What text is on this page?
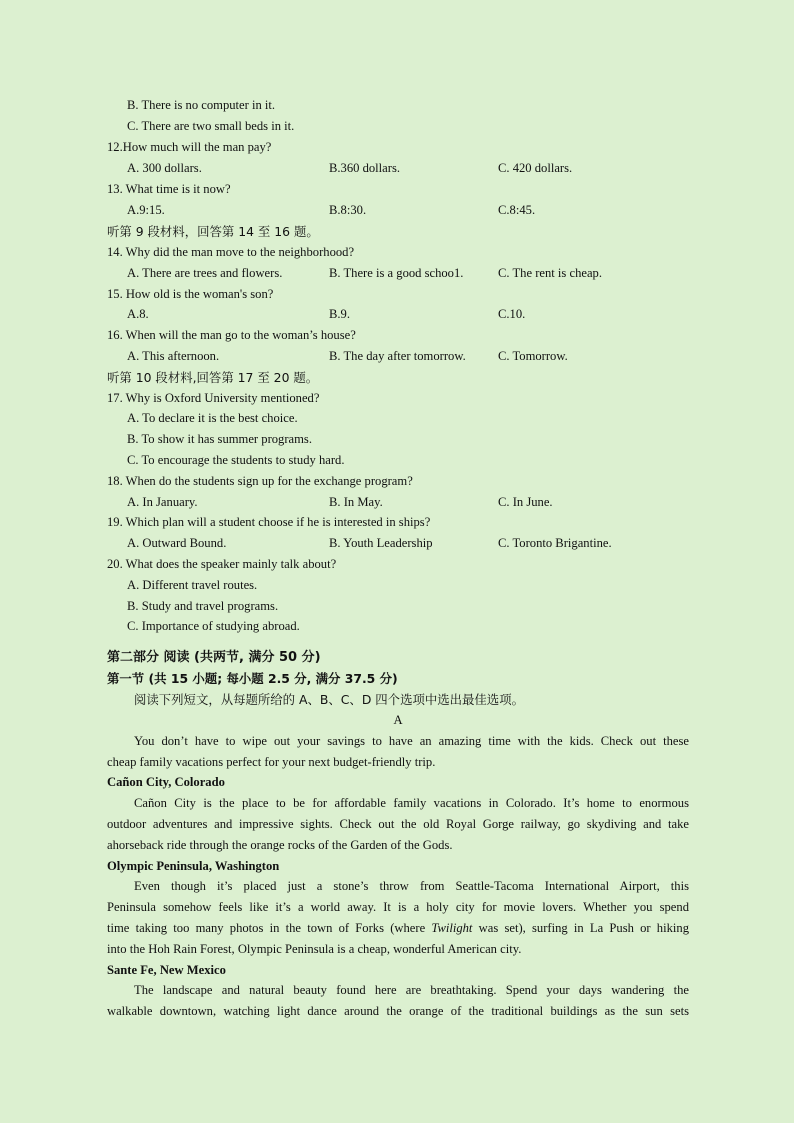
B. There is no computer in it.
C. There are two small beds in it.
12.How much will the man pay?
A. 300 dollars.	B.360 dollars.	C. 420 dollars.
13. What time is it now?
A.9:15.	B.8:30.	C.8:45.
听第 9 段材料，回答第 14 至 16 题。
14. Why did the man move to the neighborhood?
A. There are trees and flowers.	B. There is a good schoo1.	C. The rent is cheap.
15. How old is the woman's son?
A.8.	B.9.	C.10.
16. When will the man go to the woman’s house?
A. This afternoon.	B. The day after tomorrow.	C. Tomorrow.
听第 10 段材料,回答第 17 至 20 题。
17. Why is Oxford University mentioned?
A. To declare it is the best choice.
B. To show it has summer programs.
C. To encourage the students to study hard.
18. When do the students sign up for the exchange program?
A. In January.	B. In May.	C. In June.
19. Which plan will a student choose if he is interested in ships?
A. Outward Bound.	B. Youth Leadership	C. Toronto Brigantine.
20. What does the speaker mainly talk about?
A. Different travel routes.
B. Study and travel programs.
C. Importance of studying abroad.
第二部分 阅读 (共两节, 满分 50 分)
第一节 (共 15 小题; 每小题 2.5 分, 满分 37.5 分)
阅读下列短文，从每题所给的 A、B、C、D 四个选项中选出最佳选项。
A
You don’t have to wipe out your savings to have an amazing time with the kids. Check out these
cheap family vacations perfect for your next budget-friendly trip.
Cañon City, Colorado
Cañon City is the place to be for affordable family vacations in Colorado. It’s home to enormous
outdoor adventures and impressive sights. Check out the old Royal Gorge railway, go skydiving and take
ahorseback ride through the orange rocks of the Garden of the Gods.
Olympic Peninsula, Washington
Even though it’s placed just a stone’s throw from Seattle-Tacoma International Airport, this
Peninsula somehow feels like it’s a world away. It is a holy city for movie lovers. Whether you spend
time taking too many photos in the town of Forks (where Twilight was set), surfing in La Push or hiking
into the Hoh Rain Forest, Olympic Peninsula is a cheap, wonderful American city.
Sante Fe, New Mexico
The landscape and natural beauty found here are breathtaking. Spend your days wandering the
walkable downtown, watching light dance around the orange of the traditional buildings as the sun sets
